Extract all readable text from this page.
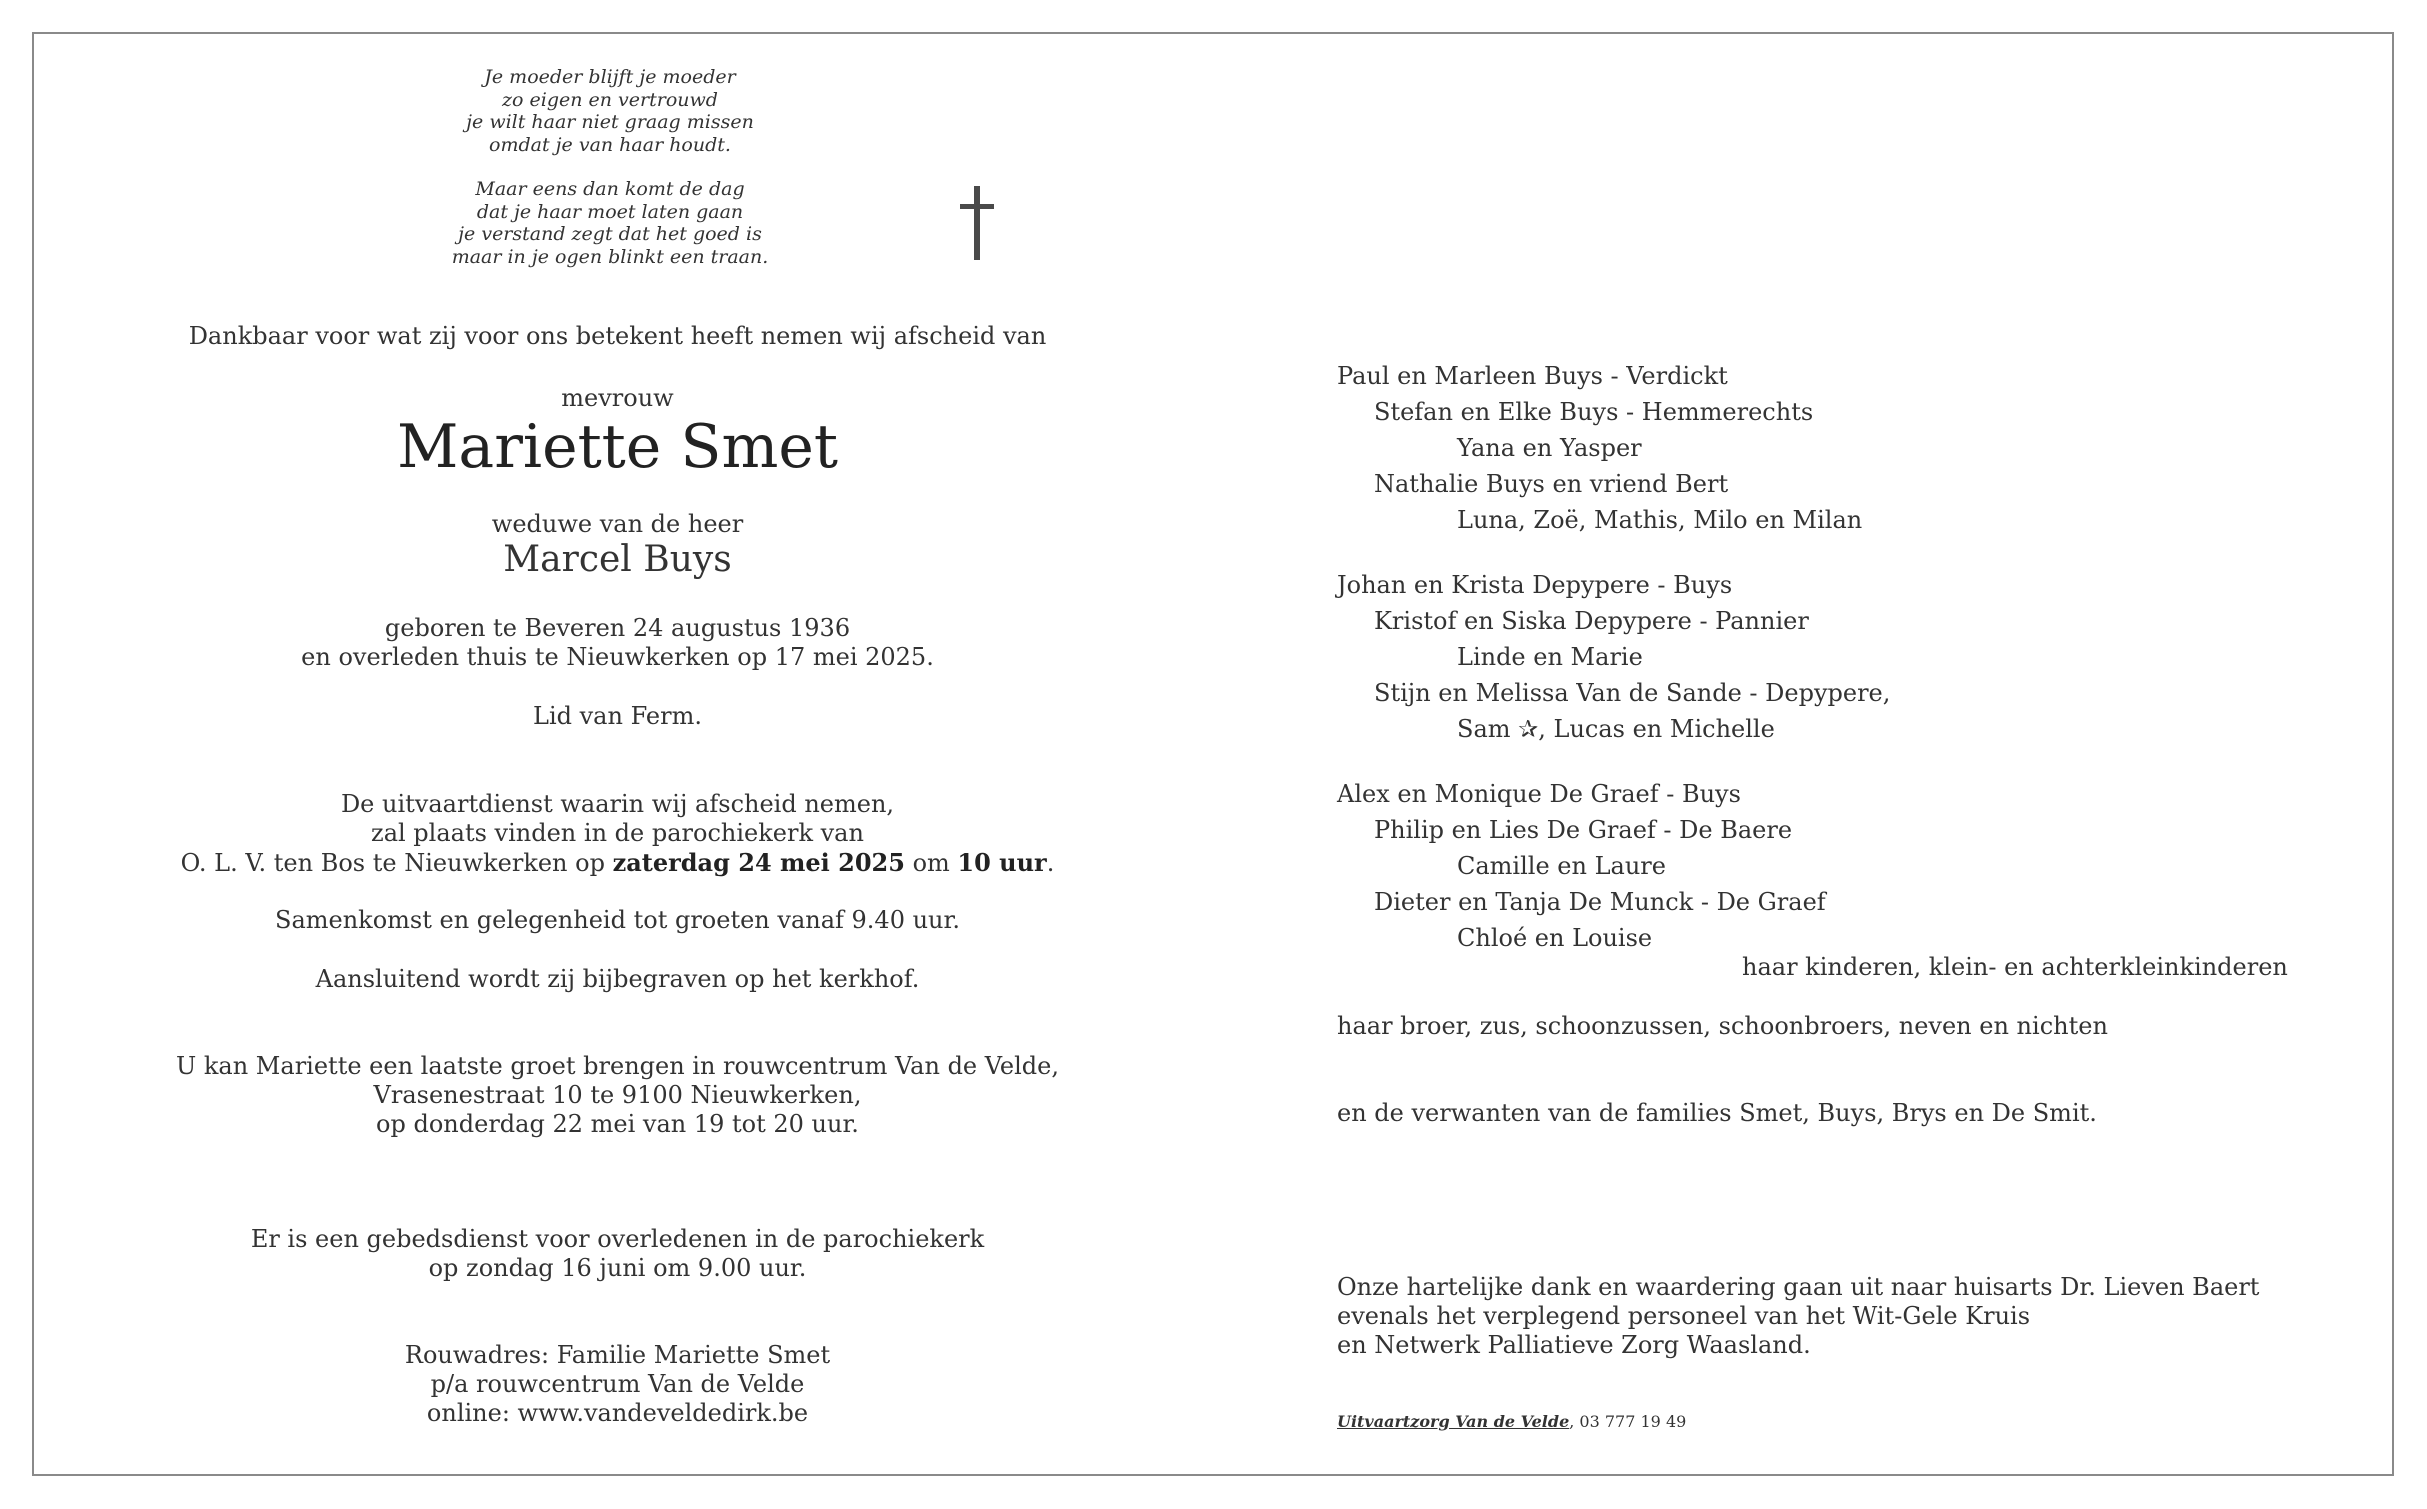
Je moeder blijft je moeder
zo eigen en vertrouwd
je wilt haar niet graag missen
omdat je van haar houdt.
Maar eens dan komt de dag
dat je haar moet laten gaan
je verstand zegt dat het goed is
maar in je ogen blinkt een traan.
Dankbaar voor wat zij voor ons betekent heeft nemen wij afscheid van
mevrouw
Mariette Smet
weduwe van de heer
Marcel Buys
geboren te Beveren 24 augustus 1936
en overleden thuis te Nieuwkerken op 17 mei 2025.
Lid van Ferm.
De uitvaartdienst waarin wij afscheid nemen,
zal plaats vinden in de parochiekerk van
O. L. V. ten Bos te Nieuwkerken op zaterdag 24 mei 2025 om 10 uur.
Samenkomst en gelegenheid tot groeten vanaf 9.40 uur.
Aansluitend wordt zij bijbegraven op het kerkhof.
U kan Mariette een laatste groet brengen in rouwcentrum Van de Velde,
Vrasenestraat 10 te 9100 Nieuwkerken,
op donderdag 22 mei van 19 tot 20 uur.
Er is een gebedsdienst voor overledenen in de parochiekerk
op zondag 16 juni om 9.00 uur.
Rouwadres: Familie Mariette Smet
p/a rouwcentrum Van de Velde
online: www.vandeveldedirk.be
Paul en Marleen Buys - Verdickt
Stefan en Elke Buys - Hemmerechts
Yana en Yasper
Nathalie Buys en vriend Bert
Luna, Zoë, Mathis, Milo en Milan
Johan en Krista Depypere - Buys
Kristof en Siska Depypere - Pannier
Linde en Marie
Stijn en Melissa Van de Sande - Depypere,
Sam ✰, Lucas en Michelle
Alex en Monique De Graef - Buys
Philip en Lies De Graef - De Baere
Camille en Laure
Dieter en Tanja De Munck - De Graef
Chloé en Louise
haar kinderen, klein- en achterkleinkinderen
haar broer, zus, schoonzussen, schoonbroers, neven en nichten
en de verwanten van de families Smet, Buys, Brys en De Smit.
Onze hartelijke dank en waardering gaan uit naar huisarts Dr. Lieven Baert
evenals het verplegend personeel van het Wit-Gele Kruis
en Netwerk Palliatieve Zorg Waasland.
Uitvaartzorg Van de Velde, 03 777 19 49
